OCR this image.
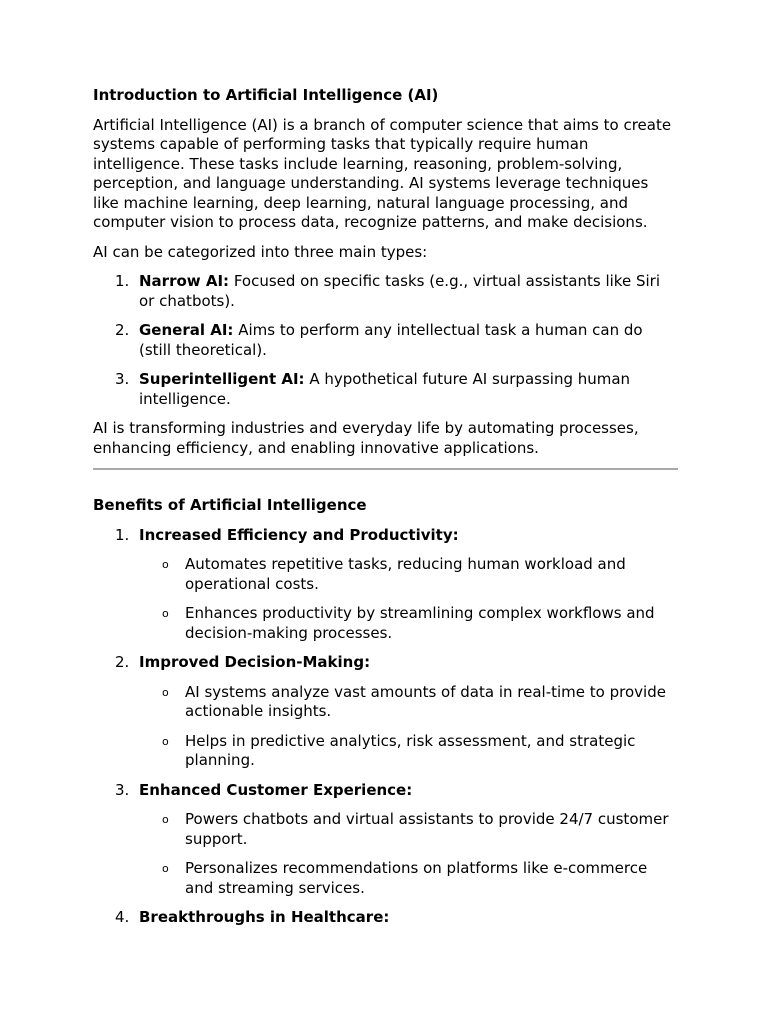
Introduction to Artificial Intelligence (AI)

Artificial Intelligence (AI) is a branch of computer science that aims to create systems capable of performing tasks that typically require human intelligence. These tasks include learning, reasoning, problem-solving, perception, and language understanding. AI systems leverage techniques like machine learning, deep learning, natural language processing, and computer vision to process data, recognize patterns, and make decisions.

AI can be categorized into three main types:

1. Narrow AI: Focused on specific tasks (e.g., virtual assistants like Siri or chatbots).
2. General AI: Aims to perform any intellectual task a human can do (still theoretical).
3. Superintelligent AI: A hypothetical future AI surpassing human intelligence.

AI is transforming industries and everyday life by automating processes, enhancing efficiency, and enabling innovative applications.

Benefits of Artificial Intelligence
1. Increased Efficiency and Productivity:
o Automates repetitive tasks, reducing human workload and operational costs.
o Enhances productivity by streamlining complex workflows and decision-making processes.
2. Improved Decision-Making:
o AI systems analyze vast amounts of data in real-time to provide actionable insights.
o Helps in predictive analytics, risk assessment, and strategic planning.
3. Enhanced Customer Experience:
o Powers chatbots and virtual assistants to provide 24/7 customer support.
o Personalizes recommendations on platforms like e-commerce and streaming services.
4. Breakthroughs in Healthcare:
